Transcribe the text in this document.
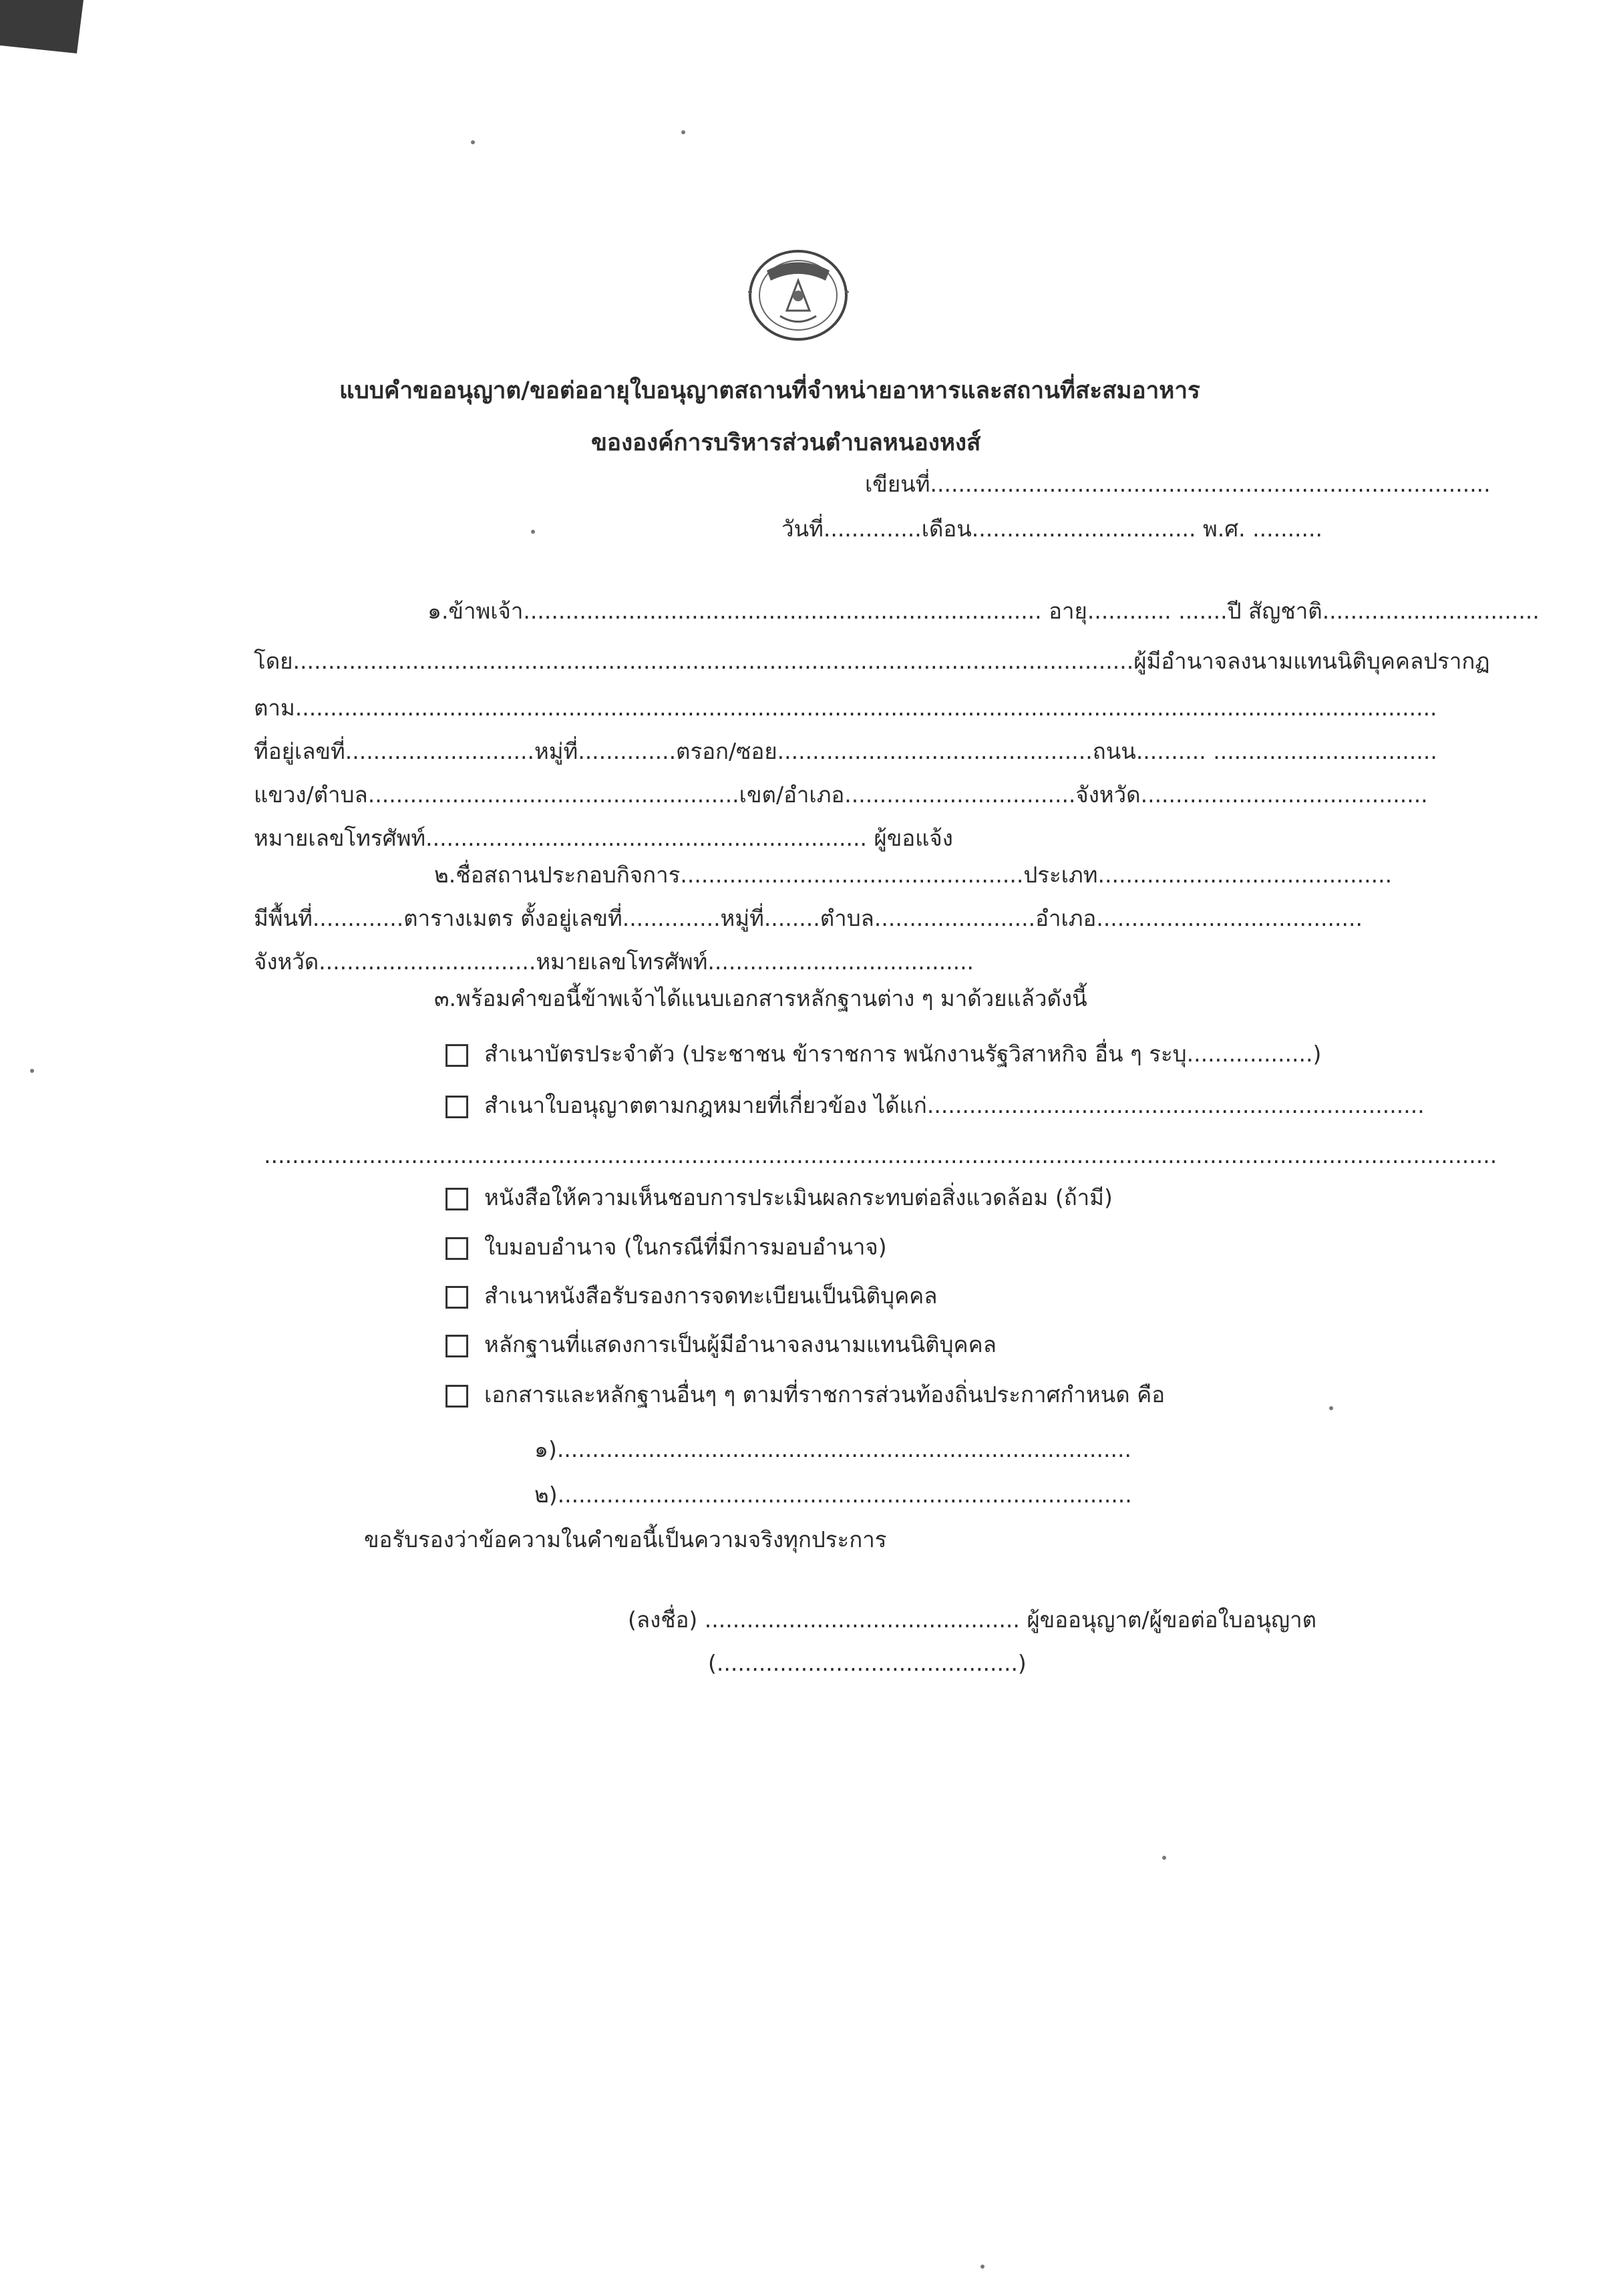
แบบคำขออนุญาต/ขอต่ออายุใบอนุญาตสถานที่จำหน่ายอาหารและสถานที่สะสมอาหาร
ขององค์การบริหารส่วนตำบลหนองหงส์
เขียนที่................................................................................
วันที่..............เดือน................................ พ.ศ. ..........
๑.ข้าพเจ้า.......................................................................... อายุ............ .......ปี สัญชาติ...............................
โดย........................................................................................................................ผู้มีอำนาจลงนามแทนนิติบุคคลปรากฏ
ตาม...................................................................................................................................................................
ที่อยู่เลขที่...........................หมู่ที่..............ตรอก/ซอย.............................................ถนน.......... ................................
แขวง/ตำบล.....................................................เขต/อำเภอ.................................จังหวัด.........................................
หมายเลขโทรศัพท์............................................................... ผู้ขอแจ้ง
๒.ชื่อสถานประกอบกิจการ.................................................ประเภท..........................................
มีพื้นที่.............ตารางเมตร ตั้งอยู่เลขที่..............หมู่ที่........ตำบล.......................อำเภอ......................................
จังหวัด...............................หมายเลขโทรศัพท์......................................
๓.พร้อมคำขอนี้ข้าพเจ้าได้แนบเอกสารหลักฐานต่าง ๆ มาด้วยแล้วดังนี้
สำเนาบัตรประจำตัว (ประชาชน ข้าราชการ พนักงานรัฐวิสาหกิจ อื่น ๆ ระบุ..................)
สำเนาใบอนุญาตตามกฎหมายที่เกี่ยวข้อง ได้แก่.......................................................................
................................................................................................................................................................................
หนังสือให้ความเห็นชอบการประเมินผลกระทบต่อสิ่งแวดล้อม (ถ้ามี)
ใบมอบอำนาจ (ในกรณีที่มีการมอบอำนาจ)
สำเนาหนังสือรับรองการจดทะเบียนเป็นนิติบุคคล
หลักฐานที่แสดงการเป็นผู้มีอำนาจลงนามแทนนิติบุคคล
เอกสารและหลักฐานอื่นๆ ๆ ตามที่ราชการส่วนท้องถิ่นประกาศกำหนด คือ
๑)..................................................................................
๒)..................................................................................
ขอรับรองว่าข้อความในคำขอนี้เป็นความจริงทุกประการ
(ลงชื่อ) ............................................. ผู้ขออนุญาต/ผู้ขอต่อใบอนุญาต
(...........................................)
